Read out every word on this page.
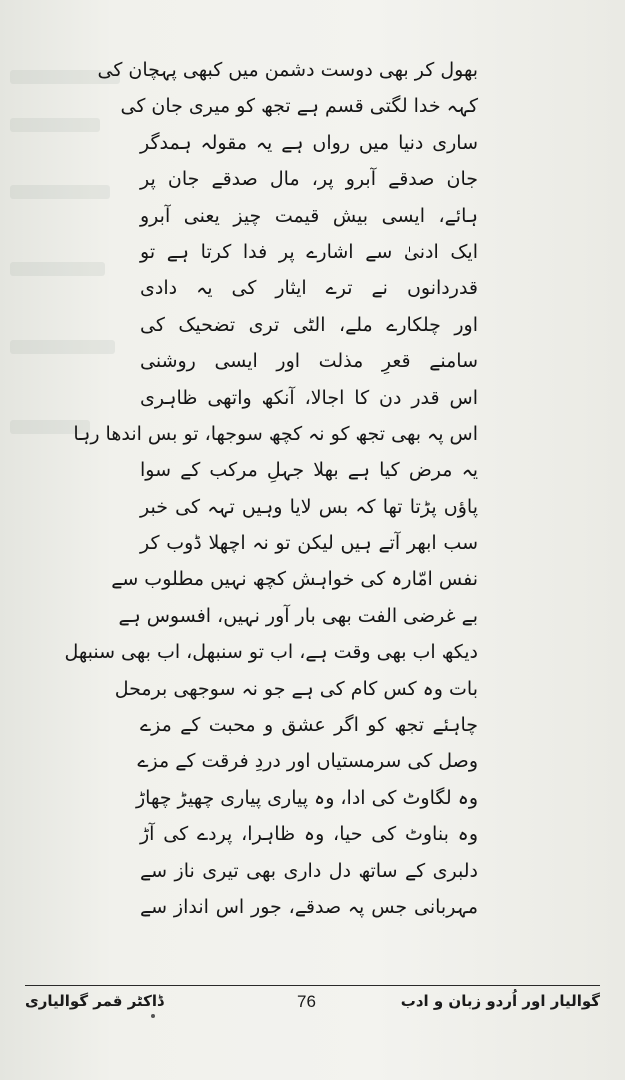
بھول کر بھی دوست دشمن میں کبھی پہچان کی
کہہ خدا لگتی قسم ہے تجھ کو میری جان کی
ساری دنیا میں رواں ہے یہ مقولہ ہمدگر
جان صدقے آبرو پر، مال صدقے جان پر
ہائے، ایسی بیش قیمت چیز یعنی آبرو
ایک ادنیٰ سے اشارے پر فدا کرتا ہے تو
قدردانوں نے ترے ایثار کی یہ دادی
اور چلکارے ملے، الٹی تری تضحیک کی
سامنے قعرِ مذلت اور ایسی روشنی
اس قدر دن کا اجالا، آنکھ واتھی ظاہری
اس پہ بھی تجھ کو نہ کچھ سوجھا، تو بس اندھا رہا
یہ مرض کیا ہے بھلا جہلِ مرکب کے سوا
پاؤں پڑتا تھا کہ بس لایا وہیں تہہ کی خبر
سب ابھر آتے ہیں لیکن تو نہ اچھلا ڈوب کر
نفس امّارہ کی خواہش کچھ نہیں مطلوب سے
بے غرضی الفت بھی بار آور نہیں، افسوس ہے
دیکھ اب بھی وقت ہے، اب تو سنبھل، اب بھی سنبھل
بات وہ کس کام کی ہے جو نہ سوجھی برمحل
چاہئے تجھ کو اگر عشق و محبت کے مزے
وصل کی سرمستیاں اور دردِ فرقت کے مزے
وہ لگاوٹ کی ادا، وہ پیاری پیاری چھیڑ چھاڑ
وہ بناوٹ کی حیا، وہ ظاہرا، پردے کی آڑ
دلبری کے ساتھ دل داری بھی تیری ناز سے
مہربانی جس پہ صدقے، جور اس انداز سے
ڈاکٹر قمر گوالیاری	76	گوالیار اور اُردو زبان و ادب
